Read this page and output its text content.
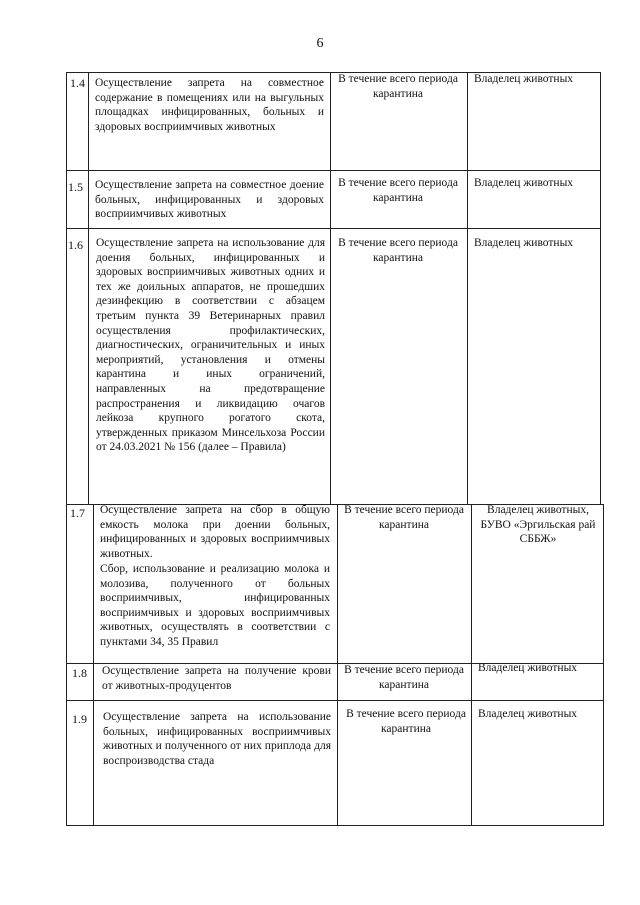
6
1.4 Осуществление запрета на совместное содержание в помещениях или на выгульных площадках инфицированных, больных и здоровых восприимчивых животных
В течение всего периода карантина
Владелец животных
1.5 Осуществление запрета на совместное доение больных, инфицированных и здоровых восприимчивых животных
В течение всего периода карантина
Владелец животных
1.6 Осуществление запрета на использование для доения больных, инфицированных и здоровых восприимчивых животных одних и тех же доильных аппаратов, не прошедших дезинфекцию в соответствии с абзацем третьим пункта 39 Ветеринарных правил осуществления профилактических, диагностических, ограничительных и иных мероприятий, установления и отмены карантина и иных ограничений, направленных на предотвращение распространения и ликвидацию очагов лейкоза крупного рогатого скота, утвержденных приказом Минсельхоза России от 24.03.2021 № 156 (далее – Правила)
В течение всего периода карантина
Владелец животных
1.7 Осуществление запрета на сбор в общую емкость молока при доении больных, инфицированных и здоровых восприимчивых животных.
Сбор, использование и реализацию молока и молозива, полученного от больных восприимчивых, инфицированных восприимчивых и здоровых восприимчивых животных, осуществлять в соответствии с пунктами 34, 35 Правил
В течение всего периода карантина
Владелец животных, БУВО «Эргильская рай СББЖ»
1.8 Осуществление запрета на получение крови от животных-продуцентов
В течение всего периода карантина
Владелец животных
1.9 Осуществление запрета на использование больных, инфицированных восприимчивых животных и полученного от них приплода для воспроизводства стада
В течение всего периода карантина
Владелец животных
